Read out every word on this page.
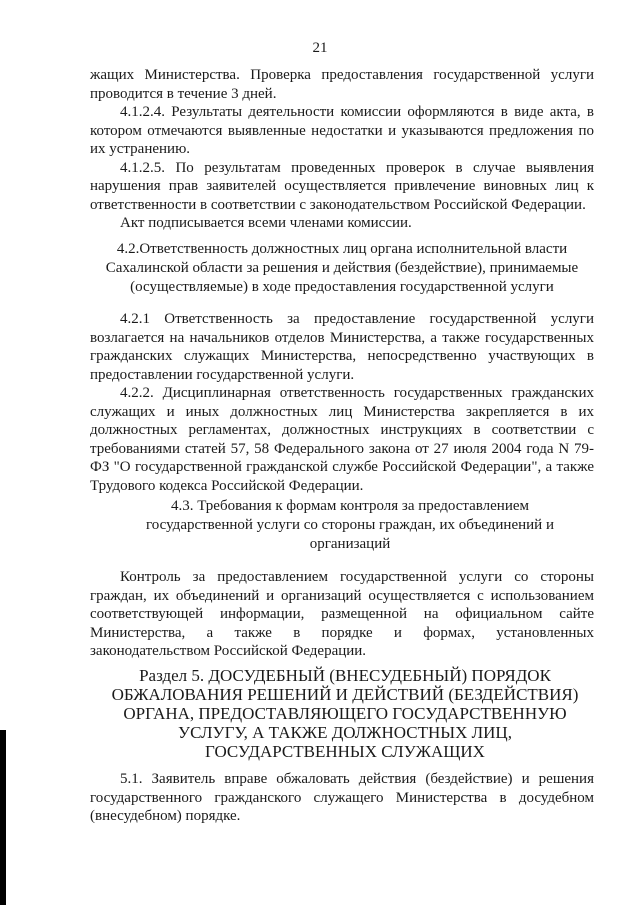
21

жащих Министерства. Проверка предоставления государственной услуги проводится в течение 3 дней.

4.1.2.4. Результаты деятельности комиссии оформляются в виде акта, в котором отмечаются выявленные недостатки и указываются предложения по их устранению.

4.1.2.5. По результатам проведенных проверок в случае выявления нарушения прав заявителей осуществляется привлечение виновных лиц к ответственности в соответствии с законодательством Российской Федерации.

Акт подписывается всеми членами комиссии.

4.2.Ответственность должностных лиц органа исполнительной власти Сахалинской области за решения и действия (бездействие), принимаемые (осуществляемые) в ходе предоставления государственной услуги

4.2.1 Ответственность за предоставление государственной услуги возлагается на начальников отделов Министерства, а также государственных гражданских служащих Министерства, непосредственно участвующих в предоставлении государственной услуги.

4.2.2. Дисциплинарная ответственность государственных гражданских служащих и иных должностных лиц Министерства закрепляется в их должностных регламентах, должностных инструкциях в соответствии с требованиями статей 57, 58 Федерального закона от 27 июля 2004 года N 79-ФЗ "О государственной гражданской службе Российской Федерации", а также Трудового кодекса Российской Федерации.

4.3. Требования к формам контроля за предоставлением государственной услуги со стороны граждан, их объединений и организаций

Контроль за предоставлением государственной услуги со стороны граждан, их объединений и организаций осуществляется с использованием соответствующей информации, размещенной на официальном сайте Министерства, а также в порядке и формах, установленных законодательством Российской Федерации.

Раздел 5. ДОСУДЕБНЫЙ (ВНЕСУДЕБНЫЙ) ПОРЯДОК ОБЖАЛОВАНИЯ РЕШЕНИЙ И ДЕЙСТВИЙ (БЕЗДЕЙСТВИЯ) ОРГАНА, ПРЕДОСТАВЛЯЮЩЕГО ГОСУДАРСТВЕННУЮ УСЛУГУ, А ТАКЖЕ ДОЛЖНОСТНЫХ ЛИЦ, ГОСУДАРСТВЕННЫХ СЛУЖАЩИХ

5.1. Заявитель вправе обжаловать действия (бездействие) и решения государственного гражданского служащего Министерства в досудебном (внесудебном) порядке.
